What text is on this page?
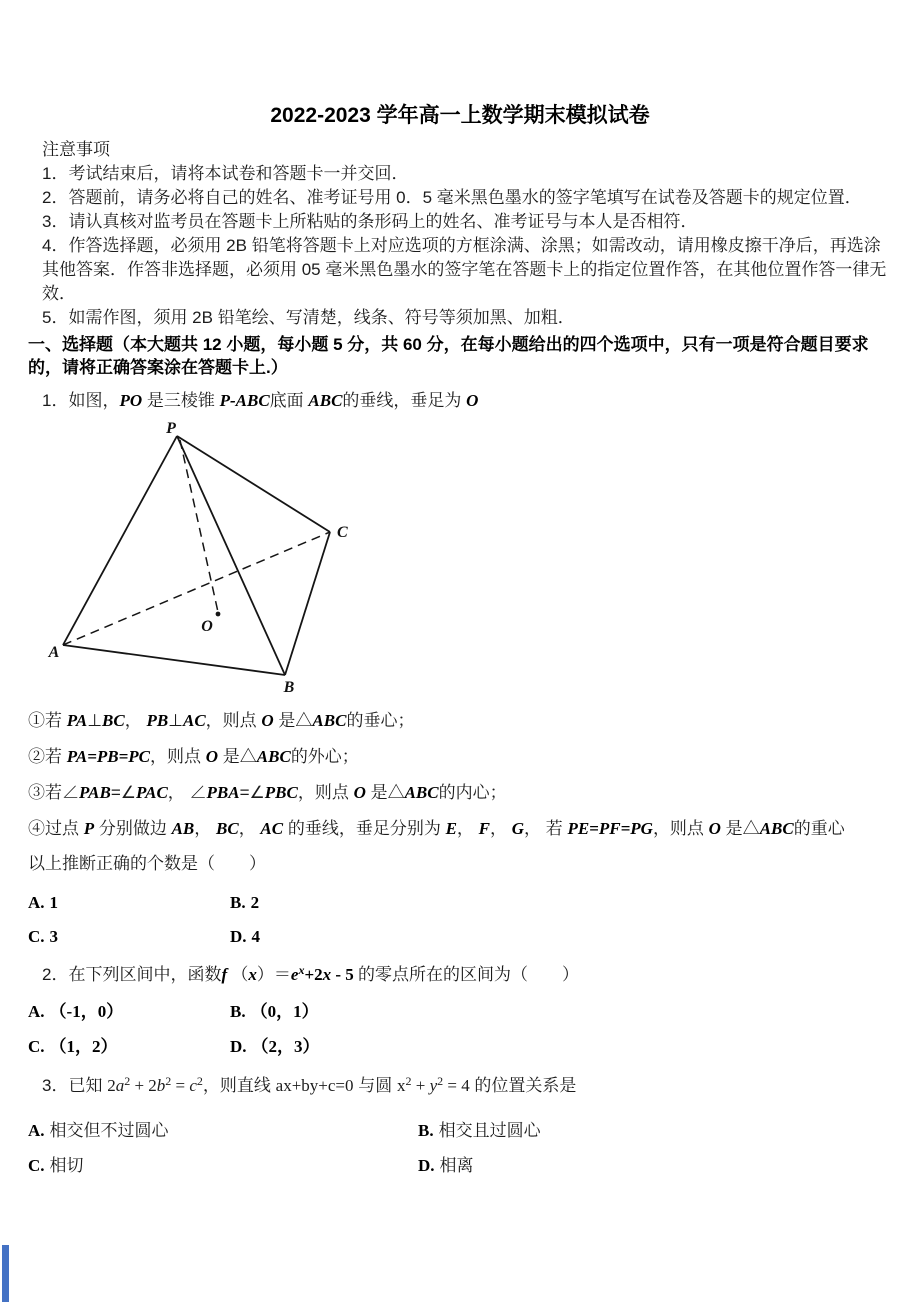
2022-2023 学年高一上数学期末模拟试卷
注意事项
1．考试结束后，请将本试卷和答题卡一并交回．
2．答题前，请务必将自己的姓名、准考证号用 0．5 毫米黑色墨水的签字笔填写在试卷及答题卡的规定位置．
3．请认真核对监考员在答题卡上所粘贴的条形码上的姓名、准考证号与本人是否相符．
4．作答选择题，必须用 2B 铅笔将答题卡上对应选项的方框涂满、涂黑；如需改动，请用橡皮擦干净后，再选涂其他答案．作答非选择题，必须用 05 毫米黑色墨水的签字笔在答题卡上的指定位置作答，在其他位置作答一律无效．
5．如需作图，须用 2B 铅笔绘、写清楚，线条、符号等须加黑、加粗．
一、选择题（本大题共 12 小题，每小题 5 分，共 60 分，在每小题给出的四个选项中，只有一项是符合题目要求的，请将正确答案涂在答题卡上.）
1．如图，PO 是三棱锥 P-ABC底面 ABC的垂线，垂足为 O
P
C
A
B
O
①若 PA⊥BC， PB⊥AC，则点 O 是△ABC的垂心；
②若 PA=PB=PC，则点 O 是△ABC的外心；
③若∠PAB=∠PAC， ∠PBA=∠PBC，则点 O 是△ABC的内心；
④过点 P 分别做边 AB， BC， AC 的垂线，垂足分别为 E， F， G， 若 PE=PF=PG，则点 O 是△ABC的重心
以上推断正确的个数是（　　）
A. 1	B. 2
C. 3	D. 4
2．在下列区间中，函数f $(x)=e^x+2x - 5$ 的零点所在的区间为（　　）
A. （-1，0）	B. （0，1）
C. （1，2）	D. （2，3）
3．已知 $2a^2 + 2b^2 = c^2$，则直线 ax+by+c=0 与圆 $x^2 + y^2 = 4$ 的位置关系是
A. 相交但不过圆心	B. 相交且过圆心
C. 相切	D. 相离
